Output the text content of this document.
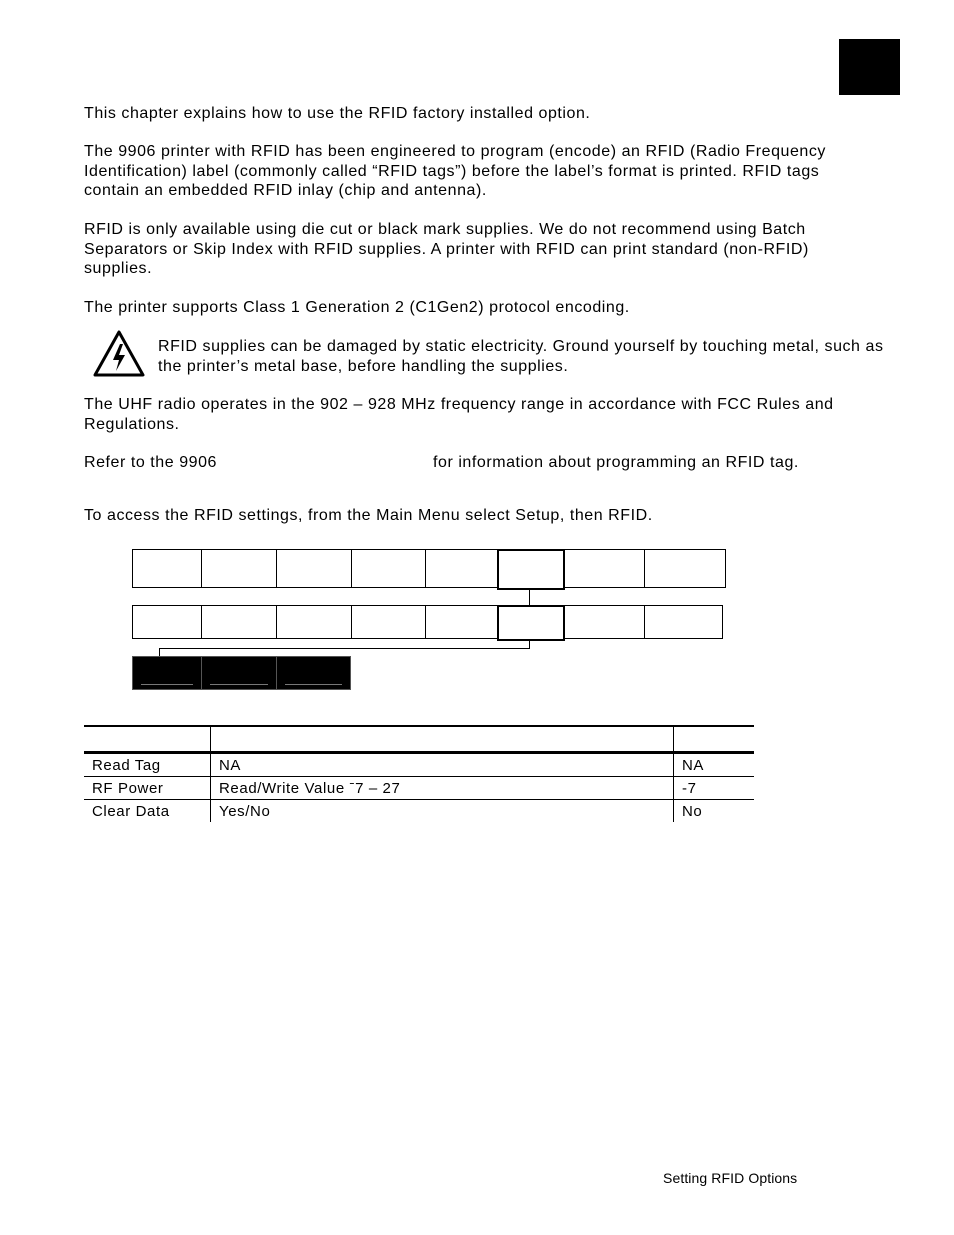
This chapter explains how to use the RFID factory installed option.

The 9906 printer with RFID has been engineered to program (encode) an RFID (Radio Frequency Identification) label (commonly called “RFID tags”) before the label’s format is printed. RFID tags contain an embedded RFID inlay (chip and antenna).

RFID is only available using die cut or black mark supplies. We do not recommend using Batch Separators or Skip Index with RFID supplies. A printer with RFID can print standard (non-RFID) supplies.

The printer supports Class 1 Generation 2 (C1Gen2) protocol encoding.

RFID supplies can be damaged by static electricity. Ground yourself by touching metal, such as the printer’s metal base, before handling the supplies.

The UHF radio operates in the 902 – 928 MHz frequency range in accordance with FCC Rules and Regulations.

Refer to the 9906	for information about programming an RFID tag.

To access the RFID settings, from the Main Menu select Setup, then RFID.

Read Tag	NA	NA
RF Power	Read/Write Value ˉ7 – 27	-7
Clear Data	Yes/No	No
Setting RFID Options
